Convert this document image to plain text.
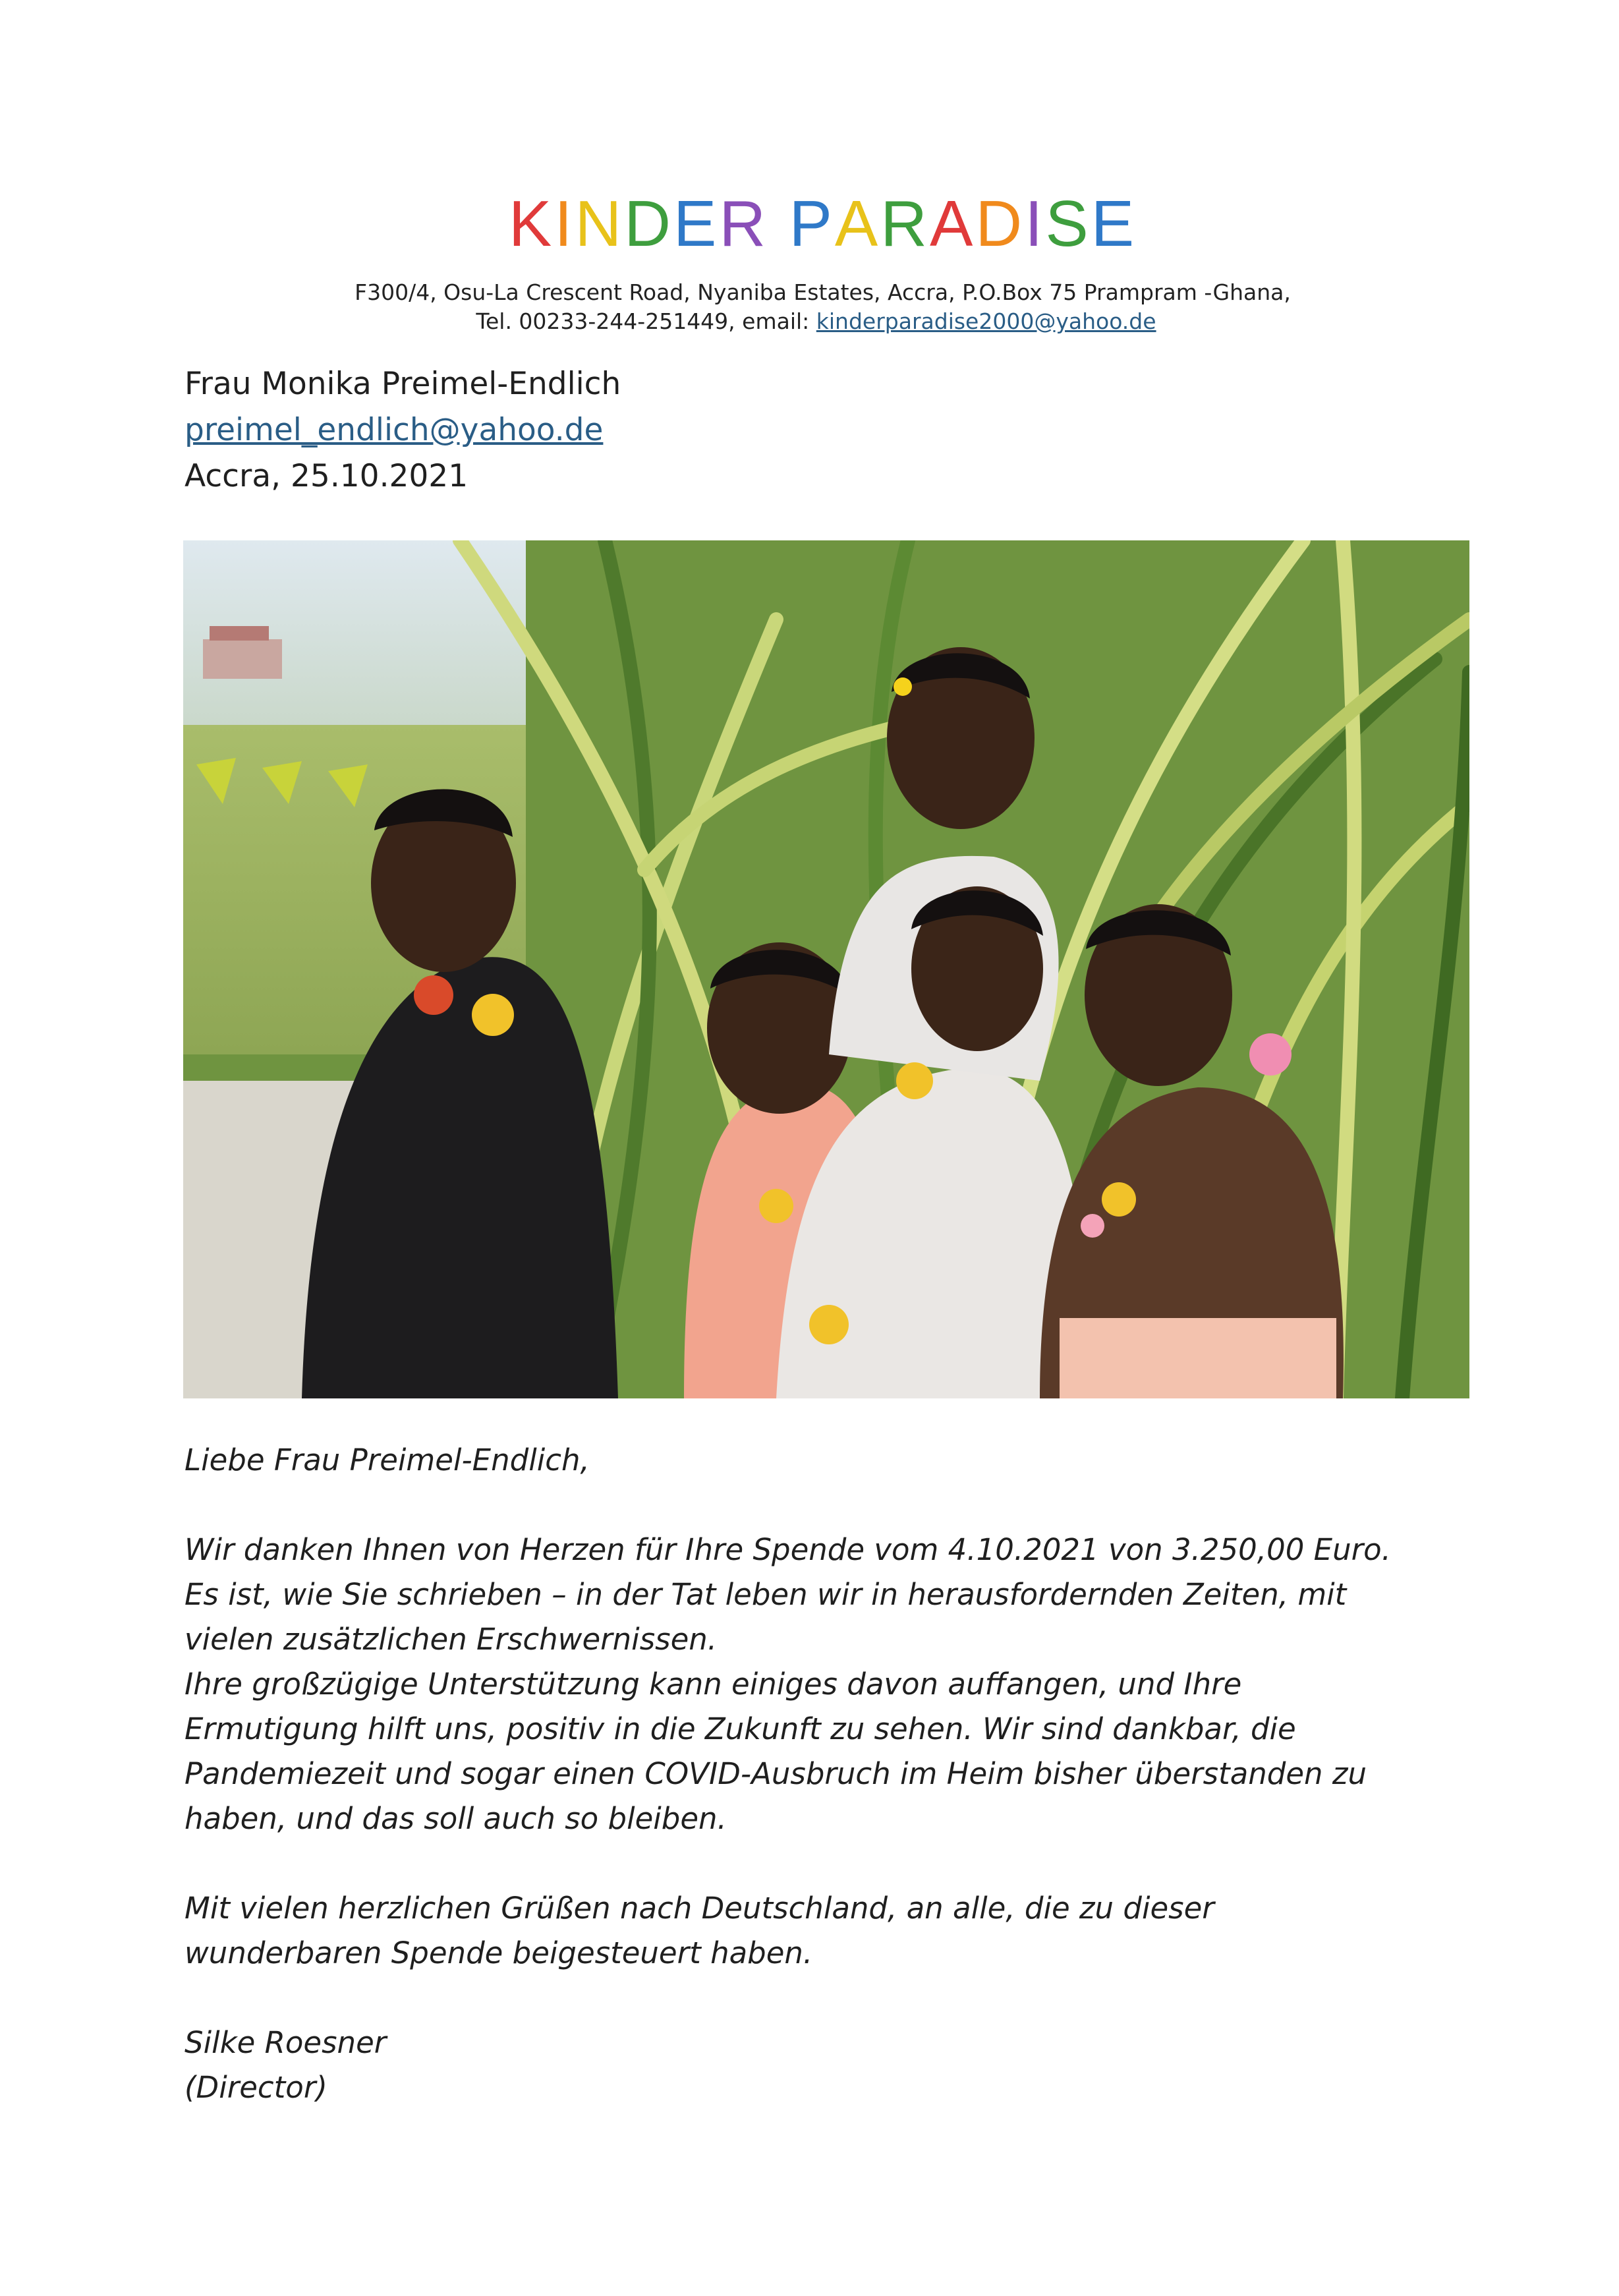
KINDER PARADISE
F300/4, Osu-La Crescent Road, Nyaniba Estates, Accra, P.O.Box 75 Prampram -Ghana,
Tel. 00233-244-251449, email: kinderparadise2000@yahoo.de
Frau Monika Preimel-Endlich
preimel_endlich@yahoo.de
Accra, 25.10.2021

Liebe Frau Preimel-Endlich,

Wir danken Ihnen von Herzen für Ihre Spende vom 4.10.2021 von 3.250,00 Euro.

Es ist, wie Sie schrieben – in der Tat leben wir in herausfordernden Zeiten, mit

vielen zusätzlichen Erschwernissen.

Ihre großzügige Unterstützung kann einiges davon auffangen, und Ihre

Ermutigung hilft uns, positiv in die Zukunft zu sehen. Wir sind dankbar, die

Pandemiezeit und sogar einen COVID-Ausbruch im Heim bisher überstanden zu

haben, und das soll auch so bleiben.

Mit vielen herzlichen Grüßen nach Deutschland, an alle, die zu dieser

wunderbaren Spende beigesteuert haben.

Silke Roesner

(Director)
